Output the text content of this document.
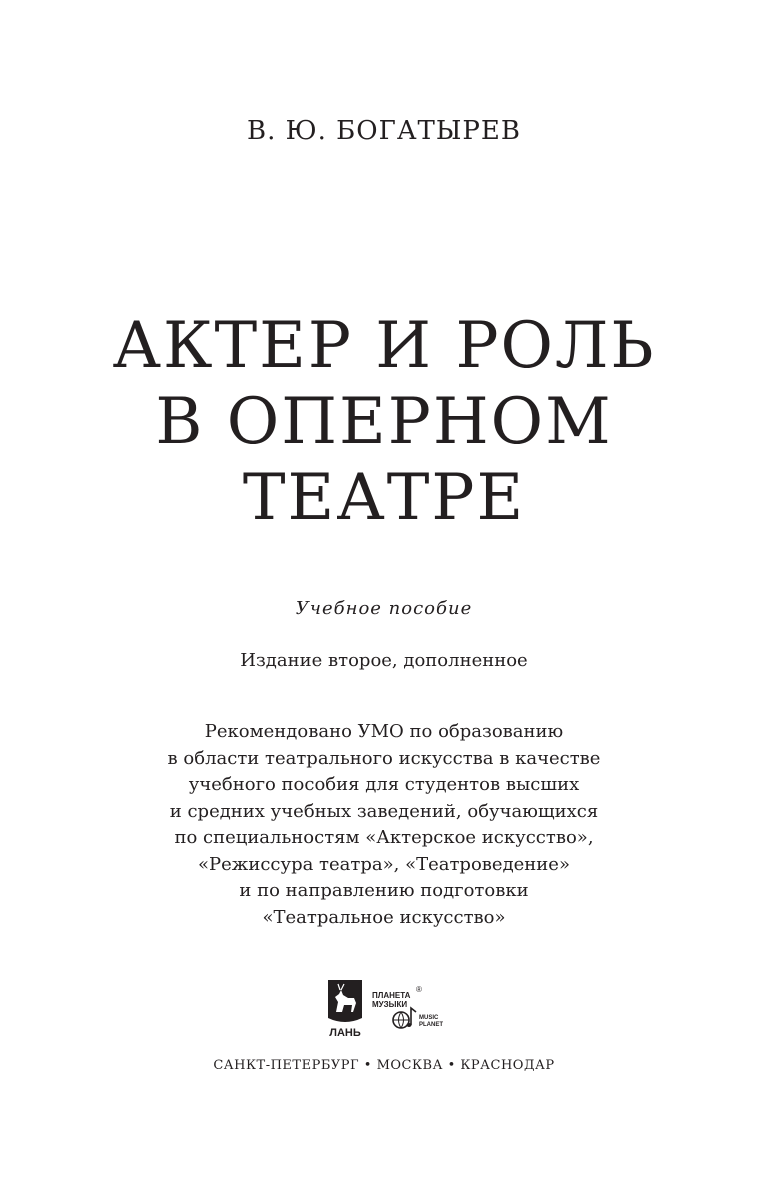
В. Ю. БОГАТЫРЕВ
АКТЕР И РОЛЬ
В ОПЕРНОМ
ТЕАТРЕ
Учебное пособие
Издание второе, дополненное
Рекомендовано УМО по образованию
в области театрального искусства в качестве
учебного пособия для студентов высших
и средних учебных заведений, обучающихся
по специальностям «Актерское искусство»,
«Режиссура театра», «Театроведение»
и по направлению подготовки
«Театральное искусство»
ЛАНЬ
ПЛАНЕТА
МУЗЫКИ
®
MUSIC
PLANET
САНКТ-ПЕТЕРБУРГ • МОСКВА • КРАСНОДАР
